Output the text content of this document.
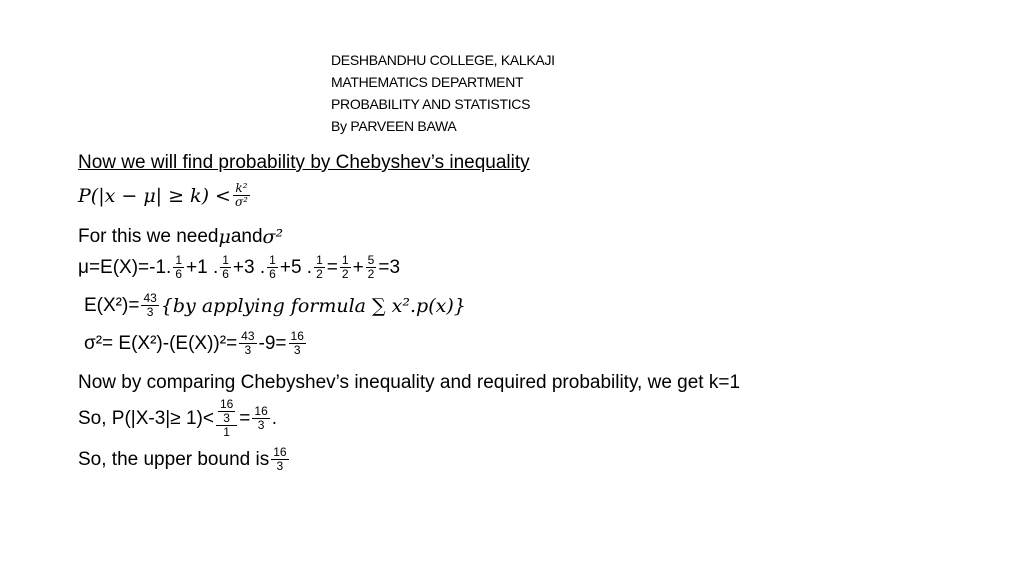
DESHBANDHU COLLEGE, KALKAJI
MATHEMATICS DEPARTMENT
PROBABILITY AND STATISTICS
By PARVEEN BAWA
Now we will find probability by Chebyshev’s inequality
$P(|x - \mu| \ge k) < \frac{\text{k²}}{\text{σ²}}$
For this we need μ and σ²
μ=E(X)=-1. $\frac{1}{6} +1$ . $\frac{1}{6} +3$ . $\frac{1}{6} +5$ . $\frac{1}{2} = \frac{1}{2} + \frac{5}{2} =3$
$E(X^2)= \frac{43}{3} \{by$ applying formula ∑ x².p(x)}
$\sigma^2= E(X^2)-(E(X))^2= \frac{43}{3} -9= \frac{16}{3}$
Now by comparing Chebyshev’s inequality and required probability, we get k=1
So, $P(|X-3|\ge 1)< \frac{\frac{16}{3}}{1} = \frac{16}{3}$ .
So, the upper bound is $\frac{16}{3}$
